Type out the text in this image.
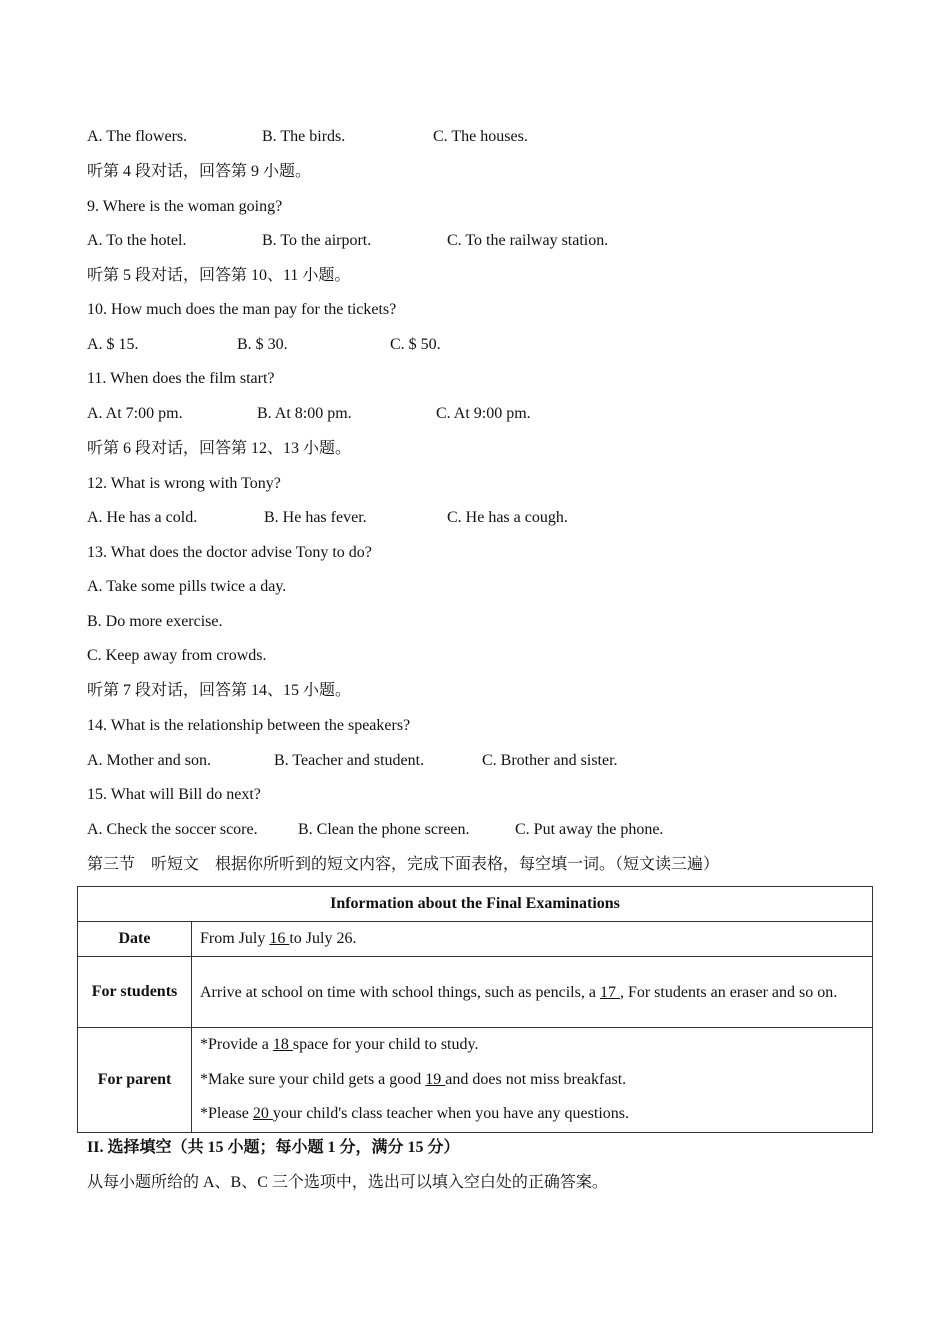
A. The flowers.	B. The birds.	C. The houses.
听第 4 段对话，回答第 9 小题。
9. Where is the woman going?
A. To the hotel.	B. To the airport.	C. To the railway station.
听第 5 段对话，回答第 10、11 小题。
10. How much does the man pay for the tickets?
A. $ 15.	B. $ 30.	C. $ 50.
11. When does the film start?
A. At 7:00 pm.	B. At 8:00 pm.	C. At 9:00 pm.
听第 6 段对话，回答第 12、13 小题。
12. What is wrong with Tony?
A. He has a cold.	B. He has fever.	C. He has a cough.
13. What does the doctor advise Tony to do?
A. Take some pills twice a day.
B. Do more exercise.
C. Keep away from crowds.
听第 7 段对话，回答第 14、15 小题。
14. What is the relationship between the speakers?
A. Mother and son.	B. Teacher and student.	C. Brother and sister.
15. What will Bill do next?
A. Check the soccer score.	B. Clean the phone screen.	C. Put away the phone.
第三节　听短文　根据你所听到的短文内容，完成下面表格，每空填一词。（短文读三遍）
Information about the Final Examinations	
Date	From July 16 to July 26.
For students	Arrive at school on time with school things, such as pencils, a 17 , For students an eraser and so on.
For parent	*Provide a 18 space for your child to study.
*Make sure your child gets a good 19 and does not miss breakfast.
*Please 20 your child's class teacher when you have any questions.
II. 选择填空（共 15 小题；每小题 1 分，满分 15 分）
从每小题所给的 A、B、C 三个选项中，选出可以填入空白处的正确答案。
